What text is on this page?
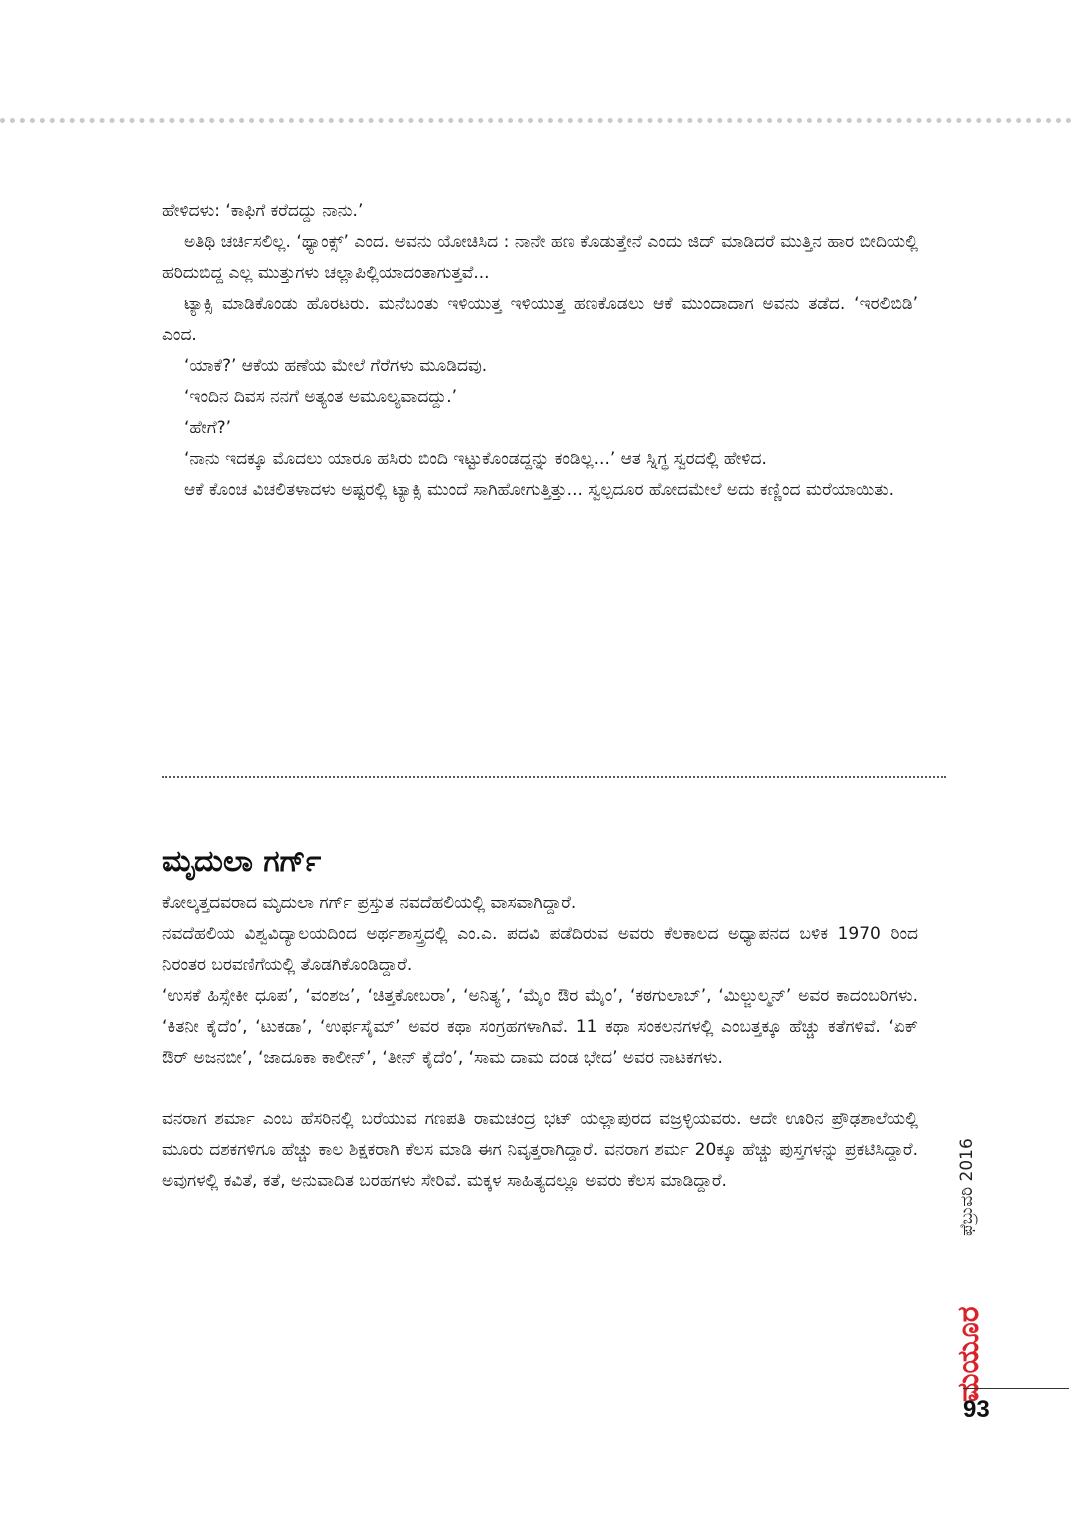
ಹೇಳಿದಳು: ‘ಕಾಫಿಗೆ ಕರೆದದ್ದು ನಾನು.’

ಅತಿಥಿ ಚರ್ಚಿಸಲಿಲ್ಲ. ‘ಥ್ಯಾಂಕ್ಸ್’ ಎಂದ. ಅವನು ಯೋಚಿಸಿದ : ನಾನೇ ಹಣ ಕೊಡುತ್ತೇನೆ ಎಂದು ಜಿದ್ ಮಾಡಿದರೆ ಮುತ್ತಿನ ಹಾರ ಬೀದಿಯಲ್ಲಿ ಹರಿದುಬಿದ್ದ ಎಲ್ಲ ಮುತ್ತುಗಳು ಚಲ್ಲಾಪಿಲ್ಲಿಯಾದಂತಾಗುತ್ತವೆ...

ಟ್ಯಾಕ್ಸಿ ಮಾಡಿಕೊಂಡು ಹೊರಟರು. ಮನೆಬಂತು ಇಳಿಯುತ್ತ ಇಳಿಯುತ್ತ ಹಣಕೊಡಲು ಆಕೆ ಮುಂದಾದಾಗ ಅವನು ತಡೆದ. ‘ಇರಲಿಬಿಡಿ’ ಎಂದ.

‘ಯಾಕೆ?’ ಆಕೆಯ ಹಣೆಯ ಮೇಲೆ ಗೆರೆಗಳು ಮೂಡಿದವು.

‘ಇಂದಿನ ದಿವಸ ನನಗೆ ಅತ್ಯಂತ ಅಮೂಲ್ಯವಾದದ್ದು.’

‘ಹೇಗೆ?’

‘ನಾನು ಇದಕ್ಕೂ ಮೊದಲು ಯಾರೂ ಹಸಿರು ಬಿಂದಿ ಇಟ್ಟುಕೊಂಡದ್ದನ್ನು ಕಂಡಿಲ್ಲ...’ ಆತ ಸ್ನಿಗ್ಧ ಸ್ವರದಲ್ಲಿ ಹೇಳಿದ.

ಆಕೆ ಕೊಂಚ ವಿಚಲಿತಳಾದಳು ಅಷ್ಟರಲ್ಲಿ ಟ್ಯಾಕ್ಸಿ ಮುಂದೆ ಸಾಗಿಹೋಗುತ್ತಿತ್ತು... ಸ್ವಲ್ಪದೂರ ಹೋದಮೇಲೆ ಅದು ಕಣ್ಣಿಂದ ಮರೆಯಾಯಿತು.

ಮೃದುಲಾ ಗರ್ಗ್

ಕೋಲ್ಕತ್ತದವರಾದ ಮೃದುಲಾ ಗರ್ಗ್ ಪ್ರಸ್ತುತ ನವದೆಹಲಿಯಲ್ಲಿ ವಾಸವಾಗಿದ್ದಾರೆ.

ನವದೆಹಲಿಯ ವಿಶ್ವವಿದ್ಯಾಲಯದಿಂದ ಅರ್ಥಶಾಸ್ತ್ರದಲ್ಲಿ ಎಂ.ಎ. ಪದವಿ ಪಡೆದಿರುವ ಅವರು ಕೆಲಕಾಲದ ಅಧ್ಯಾಪನದ ಬಳಿಕ 1970 ರಿಂದ ನಿರಂತರ ಬರವಣಿಗೆಯಲ್ಲಿ ತೊಡಗಿಕೊಂಡಿದ್ದಾರೆ.

‘ಉಸಕೆ ಹಿಸ್ಸೇಕೀ ಧೂಪ’, ‘ವಂಶಜ’, ‘ಚಿತ್ತಕೋಬರಾ’, ‘ಅನಿತ್ಯ’, ‘ಮೈಂ ಔರ ಮೈಂ’, ‘ಕಠಗುಲಾಬ್’, ‘ಮಿಲ್ಜುಲ್ಮನ್’ ಅವರ ಕಾದಂಬರಿಗಳು. ‘ಕಿತನೀ ಕೈದೆಂ’, ‘ಟುಕಡಾ’, ‘ಉರ್ಫಸೈಮ್’ ಅವರ ಕಥಾ ಸಂಗ್ರಹಗಳಾಗಿವೆ. 11 ಕಥಾ ಸಂಕಲನಗಳಲ್ಲಿ ಎಂಬತ್ತಕ್ಕೂ ಹೆಚ್ಚು ಕತೆಗಳಿವೆ. ‘ಏಕ್ ಔರ್ ಅಜನಬೀ’, ‘ಜಾದೂಕಾ ಕಾಲೀನ್’, ‘ತೀನ್ ಕೈದೆಂ’, ‘ಸಾಮ ದಾಮ ದಂಡ ಭೇದ’ ಅವರ ನಾಟಕಗಳು.

ವನರಾಗ ಶರ್ಮಾ ಎಂಬ ಹೆಸರಿನಲ್ಲಿ ಬರೆಯುವ ಗಣಪತಿ ರಾಮಚಂದ್ರ ಭಟ್ ಯಲ್ಲಾಪುರದ ವಜ್ರಳ್ಳಿಯವರು. ಆದೇ ಊರಿನ ಪ್ರೌಢಶಾಲೆಯಲ್ಲಿ ಮೂರು ದಶಕಗಳಿಗೂ ಹೆಚ್ಚು ಕಾಲ ಶಿಕ್ಷಕರಾಗಿ ಕೆಲಸ ಮಾಡಿ ಈಗ ನಿವೃತ್ತರಾಗಿದ್ದಾರೆ. ವನರಾಗ ಶರ್ಮ 20ಕ್ಕೂ ಹೆಚ್ಚು ಪುಸ್ತಗಳನ್ನು ಪ್ರಕಟಿಸಿದ್ದಾರೆ. ಅವುಗಳಲ್ಲಿ ಕವಿತೆ, ಕತೆ, ಅನುವಾದಿತ ಬರಹಗಳು ಸೇರಿವೆ. ಮಕ್ಕಳ ಸಾಹಿತ್ಯದಲ್ಲೂ ಅವರು ಕೆಲಸ ಮಾಡಿದ್ದಾರೆ.	ಫೆಬ್ರುವರಿ 2016
ಮಯೂರ
93
